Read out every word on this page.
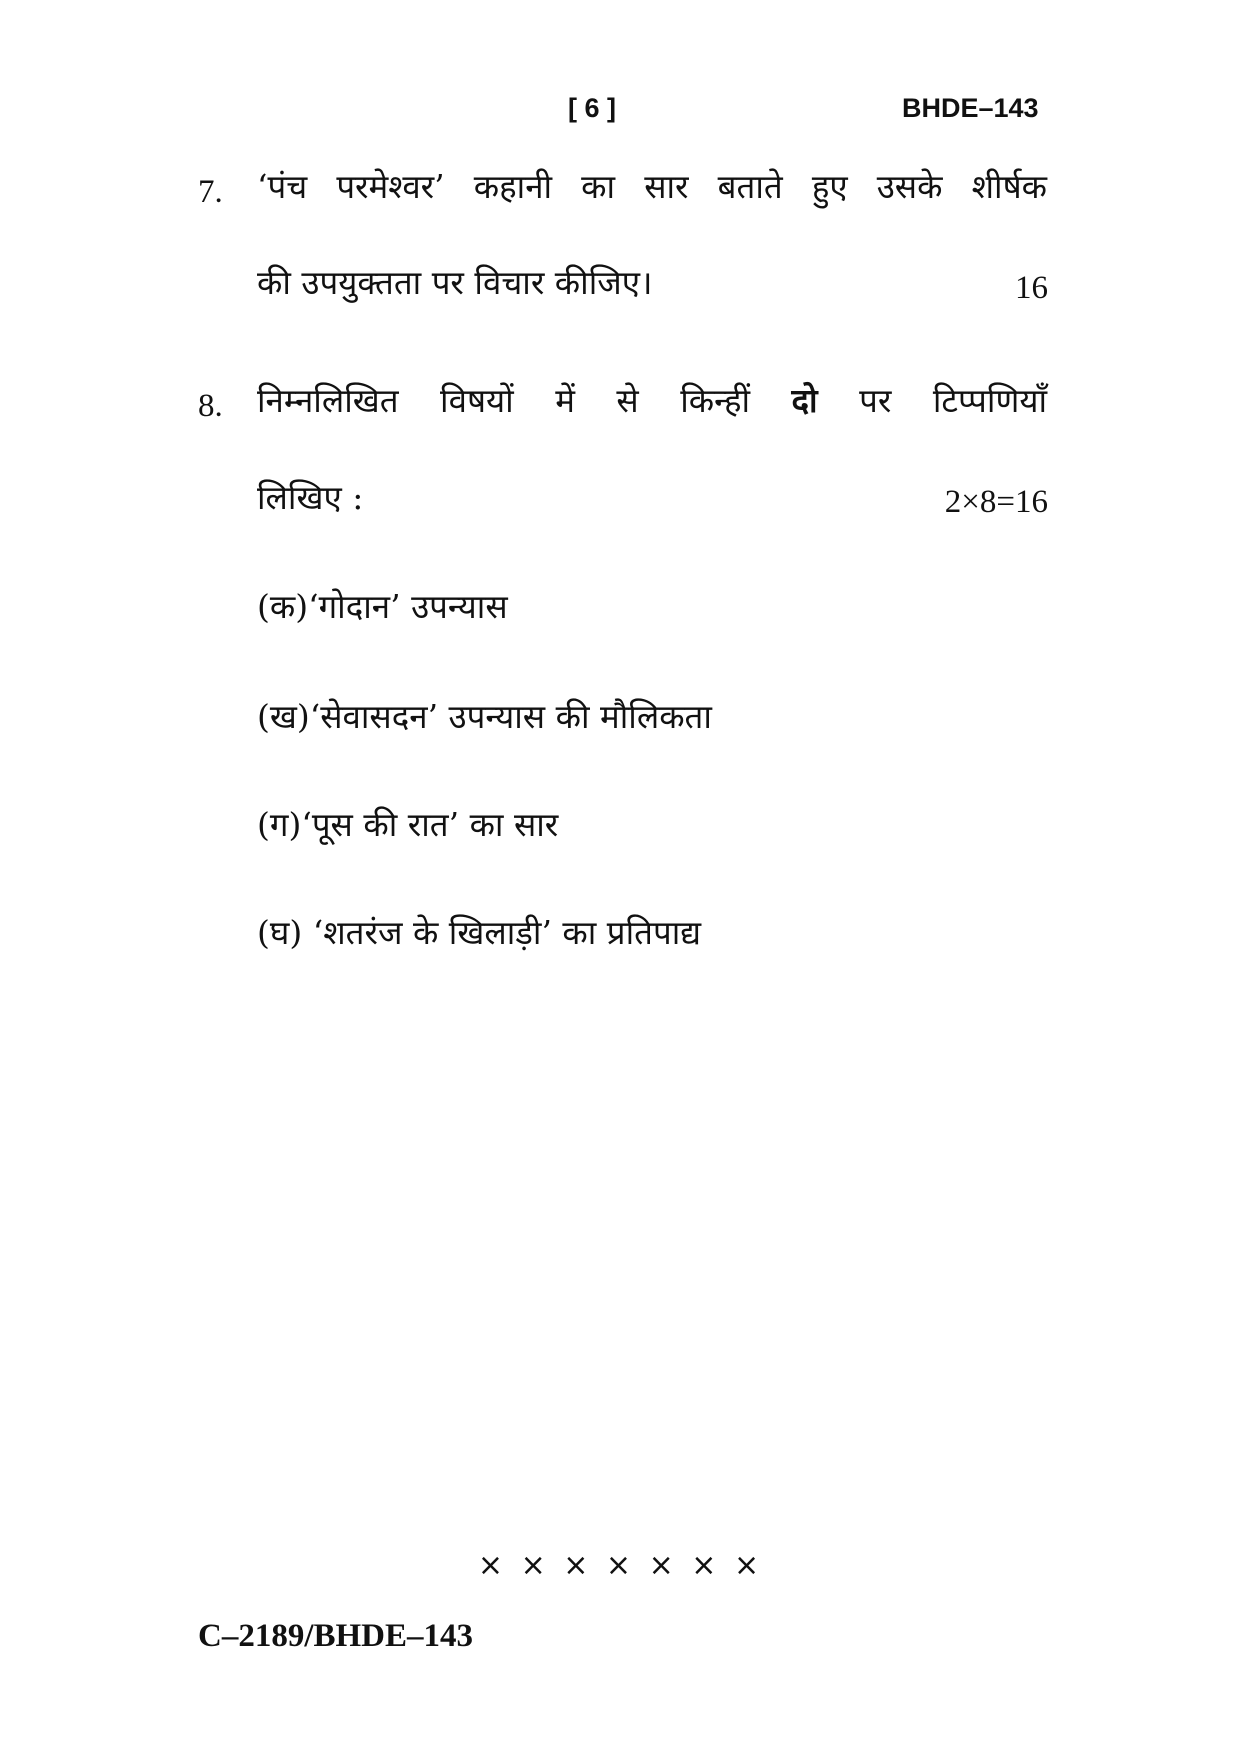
[ 6 ]	BHDE–143
7. ‘पंच परमेश्वर’ कहानी का सार बताते हुए उसके शीर्षक
की उपयुक्तता पर विचार कीजिए।	16
8. निम्नलिखित विषयों में से किन्हीं दो पर टिप्पणियाँ
लिखिए :	2×8=16
(क)‘गोदान’ उपन्यास
(ख)‘सेवासदन’ उपन्यास की मौलिकता
(ग)‘पूस की रात’ का सार
(घ) ‘शतरंज के खिलाड़ी’ का प्रतिपाद्य
× × × × × × ×
C–2189/BHDE–143
